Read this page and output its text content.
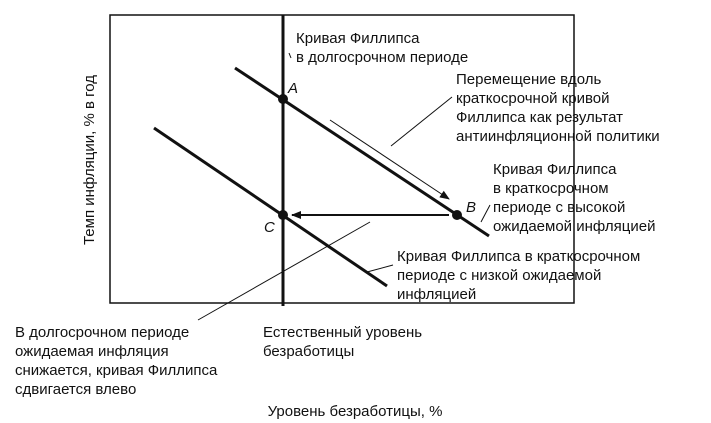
A
B
C
Уровень безработицы, %
Темп инфляции, % в год
Кривая Филлипса в долгосрочном периоде
Перемещение вдоль краткосрочной кривой Филлипса как результат антиинфляционной политики
Кривая Филлипса в краткосрочном периоде с высокой ожидаемой инфляцией
Кривая Филлипса в краткосрочном периоде с низкой ожидаемой инфляцией
В долгосрочном периоде ожидаемая инфляция снижается, кривая Филлипса сдвигается влево
Естественный уровень безработицы
